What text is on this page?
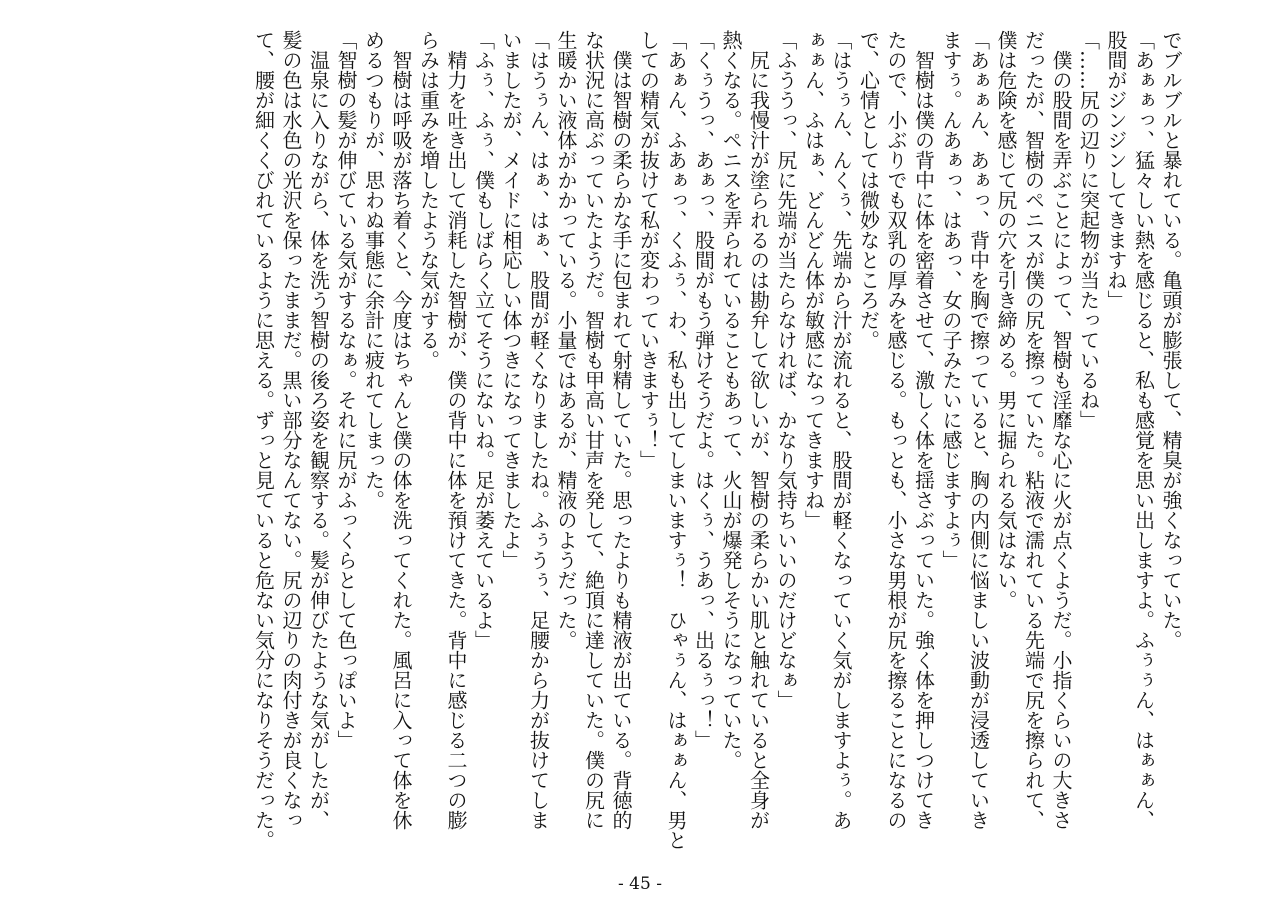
でブルブルと暴れている。亀頭が膨張して、精臭が強くなっていた。
「あぁぁっ、猛々しい熱を感じると、私も感覚を思い出しますよ。ふぅぅん、はぁぁん、
股間がジンジンしてきますね」
「……尻の辺りに突起物が当たっているね」
　僕の股間を弄ぶことによって、智樹も淫靡な心に火が点くようだ。小指くらいの大きさ
だったが、智樹のペニスが僕の尻を擦っていた。粘液で濡れている先端で尻を擦られて、
僕は危険を感じて尻の穴を引き締める。男に掘られる気はない。
「あぁぁん、あぁっ、背中を胸で擦っていると、胸の内側に悩ましい波動が浸透していき
ますぅ。んあぁっ、はあっ、女の子みたいに感じますよぅ」
　智樹は僕の背中に体を密着させて、激しく体を揺さぶっていた。強く体を押しつけてき
たので、小ぶりでも双乳の厚みを感じる。もっとも、小さな男根が尻を擦ることになるの
で、心情としては微妙なところだ。
「はうぅん、んくぅ、先端から汁が流れると、股間が軽くなっていく気がしますよぅ。あ
ぁぁん、ふはぁ、どんどん体が敏感になってきますね」
「ふううっ、尻に先端が当たらなければ、かなり気持ちいいのだけどなぁ」
　尻に我慢汁が塗られるのは勘弁して欲しいが、智樹の柔らかい肌と触れていると全身が
熱くなる。ペニスを弄られていることもあって、火山が爆発しそうになっていた。
「くぅうっ、あぁっ、股間がもう弾けそうだよ。はくぅ、うあっ、出るぅっ！」
「あぁん、ふあぁっ、くふぅ、わ、私も出してしまいますぅ！　ひゃぅん、はぁぁん、男と
しての精気が抜けて私が変わっていきますぅ！」
　僕は智樹の柔らかな手に包まれて射精していた。思ったよりも精液が出ている。背徳的
な状況に高ぶっていたようだ。智樹も甲高い甘声を発して、絶頂に達していた。僕の尻に
生暖かい液体がかかっている。小量ではあるが、精液のようだった。
「はうぅん、はぁ、はぁ、股間が軽くなりましたね。ふぅうぅ、足腰から力が抜けてしま
いましたが、メイドに相応しい体つきになってきましたよ」
「ふぅ、ふぅ、僕もしばらく立てそうにないね。足が萎えているよ」
　精力を吐き出して消耗した智樹が、僕の背中に体を預けてきた。背中に感じる二つの膨
らみは重みを増したような気がする。
　智樹は呼吸が落ち着くと、今度はちゃんと僕の体を洗ってくれた。風呂に入って体を休
めるつもりが、思わぬ事態に余計に疲れてしまった。
「智樹の髪が伸びている気がするなぁ。それに尻がふっくらとして色っぽいよ」
　温泉に入りながら、体を洗う智樹の後ろ姿を観察する。髪が伸びたような気がしたが、
髪の色は水色の光沢を保ったままだ。黒い部分なんてない。尻の辺りの肉付きが良くなっ
て、腰が細くくびれているように思える。ずっと見ていると危ない気分になりそうだった。
- 45 -
